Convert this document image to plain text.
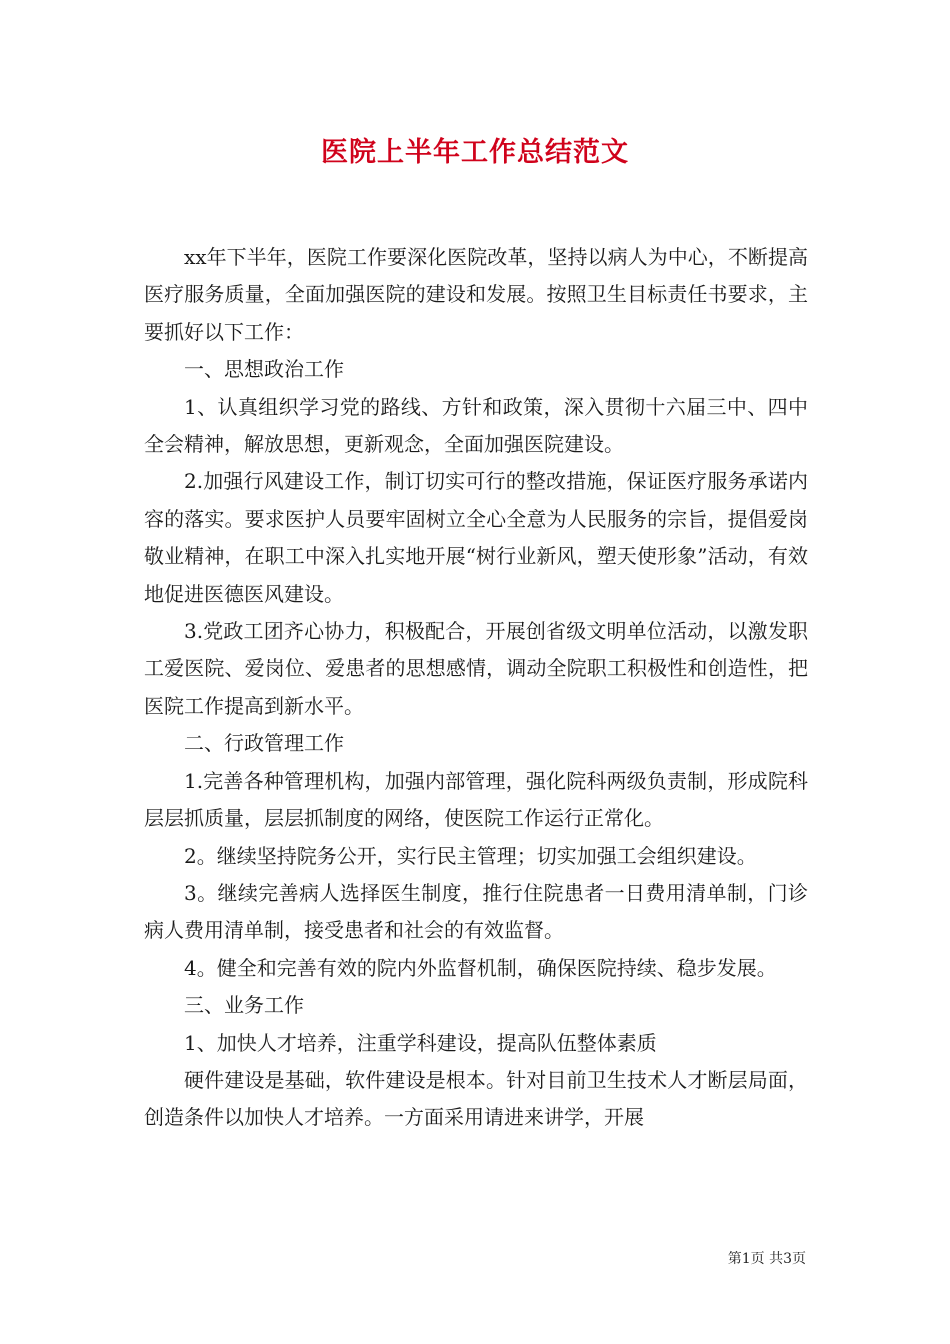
医院上半年工作总结范文

xx年下半年，医院工作要深化医院改革，坚持以病人为中心，不断提高医疗服务质量，全面加强医院的建设和发展。按照卫生目标责任书要求，主要抓好以下工作：

一、思想政治工作

1、认真组织学习党的路线、方针和政策，深入贯彻十六届三中、四中全会精神，解放思想，更新观念，全面加强医院建设。

2.加强行风建设工作，制订切实可行的整改措施，保证医疗服务承诺内容的落实。要求医护人员要牢固树立全心全意为人民服务的宗旨，提倡爱岗敬业精神，在职工中深入扎实地开展“树行业新风，塑天使形象”活动，有效地促进医德医风建设。

3.党政工团齐心协力，积极配合，开展创省级文明单位活动，以激发职工爱医院、爱岗位、爱患者的思想感情，调动全院职工积极性和创造性，把医院工作提高到新水平。

二、行政管理工作

1.完善各种管理机构，加强内部管理，强化院科两级负责制，形成院科层层抓质量，层层抓制度的网络，使医院工作运行正常化。

2。继续坚持院务公开，实行民主管理；切实加强工会组织建设。

3。继续完善病人选择医生制度，推行住院患者一日费用清单制，门诊病人费用清单制，接受患者和社会的有效监督。

4。健全和完善有效的院内外监督机制，确保医院持续、稳步发展。

三、业务工作

1、加快人才培养，注重学科建设，提高队伍整体素质

硬件建设是基础，软件建设是根本。针对目前卫生技术人才断层局面，创造条件以加快人才培养。一方面采用请进来讲学，开展

第1页 共3页
